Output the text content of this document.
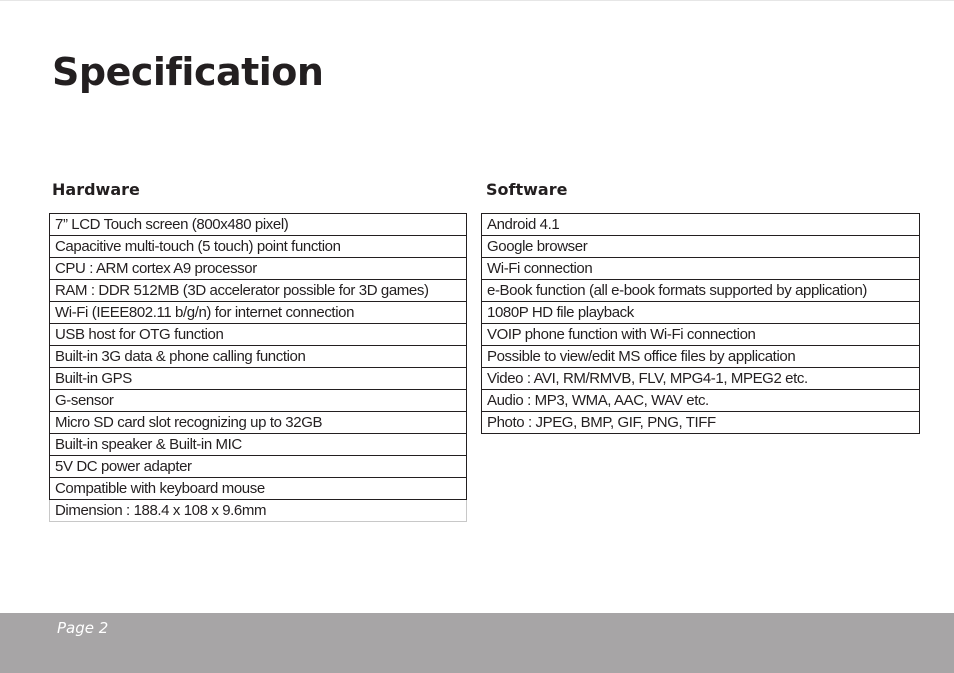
Specification
Hardware	Software
7” LCD Touch screen (800x480 pixel)
Capacitive multi-touch (5 touch) point function
CPU : ARM cortex A9 processor
RAM : DDR 512MB (3D accelerator possible for 3D games)
Wi-Fi (IEEE802.11 b/g/n) for internet connection
USB host for OTG function
Built-in 3G data & phone calling function
Built-in GPS
G-sensor
Micro SD card slot recognizing up to 32GB
Built-in speaker & Built-in MIC
5V DC power adapter
Compatible with keyboard mouse
Dimension : 188.4 x 108 x 9.6mm
Android 4.1
Google browser
Wi-Fi connection
e-Book function (all e-book formats supported by application)
1080P HD file playback
VOIP phone function with Wi-Fi connection
Possible to view/edit MS office files by application
Video : AVI, RM/RMVB, FLV, MPG4-1, MPEG2 etc.
Audio : MP3, WMA, AAC, WAV etc.
Photo : JPEG, BMP, GIF, PNG, TIFF
Page 2
